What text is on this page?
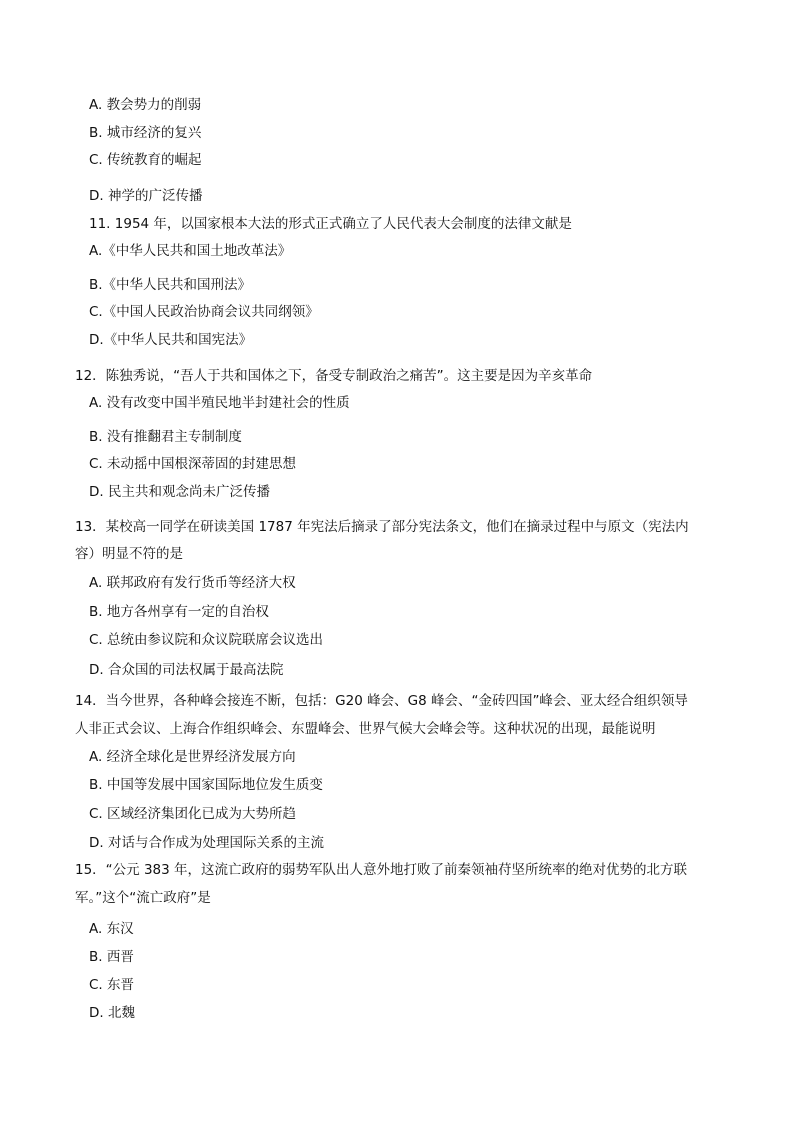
A. 教会势力的削弱
B. 城市经济的复兴
C. 传统教育的崛起
D. 神学的广泛传播
11. 1954 年，以国家根本大法的形式正式确立了人民代表大会制度的法律文献是
A.《中华人民共和国土地改革法》
B.《中华人民共和国刑法》
C.《中国人民政治协商会议共同纲领》
D.《中华人民共和国宪法》
12．陈独秀说，“吾人于共和国体之下，备受专制政治之痛苦”。这主要是因为辛亥革命
A. 没有改变中国半殖民地半封建社会的性质
B. 没有推翻君主专制制度
C. 未动摇中国根深蒂固的封建思想
D. 民主共和观念尚未广泛传播
13．某校高一同学在研读美国 1787 年宪法后摘录了部分宪法条文，他们在摘录过程中与原文（宪法内
容）明显不符的是
A. 联邦政府有发行货币等经济大权
B. 地方各州享有一定的自治权
C. 总统由参议院和众议院联席会议选出
D. 合众国的司法权属于最高法院
14．当今世界，各种峰会接连不断，包括：G20 峰会、G8 峰会、“金砖四国”峰会、亚太经合组织领导
人非正式会议、上海合作组织峰会、东盟峰会、世界气候大会峰会等。这种状况的出现，最能说明
A. 经济全球化是世界经济发展方向
B. 中国等发展中国家国际地位发生质变
C. 区域经济集团化已成为大势所趋
D. 对话与合作成为处理国际关系的主流
15．“公元 383 年，这流亡政府的弱势军队出人意外地打败了前秦领袖苻坚所统率的绝对优势的北方联
军。”这个“流亡政府”是
A. 东汉
B. 西晋
C. 东晋
D. 北魏
